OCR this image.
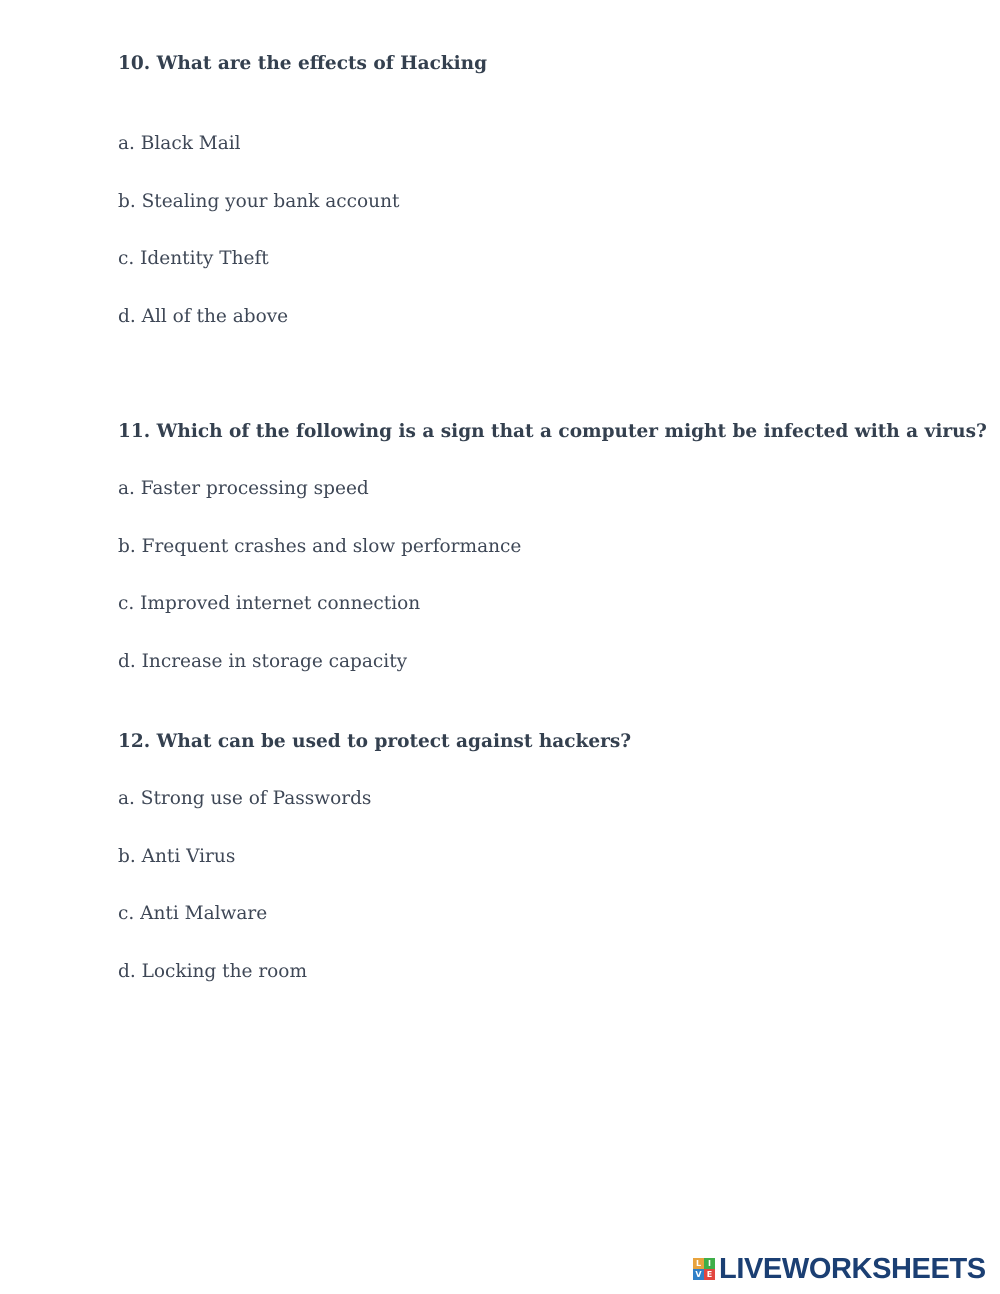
10. What are the effects of Hacking
a. Black Mail
b. Stealing your bank account
c. Identity Theft
d. All of the above
11. Which of the following is a sign that a computer might be infected with a virus?
a. Faster processing speed
b. Frequent crashes and slow performance
c. Improved internet connection
d. Increase in storage capacity
12. What can be used to protect against hackers?
a. Strong use of Passwords
b. Anti Virus
c. Anti Malware
d. Locking the room
L I
V E LIVEWORKSHEETS
